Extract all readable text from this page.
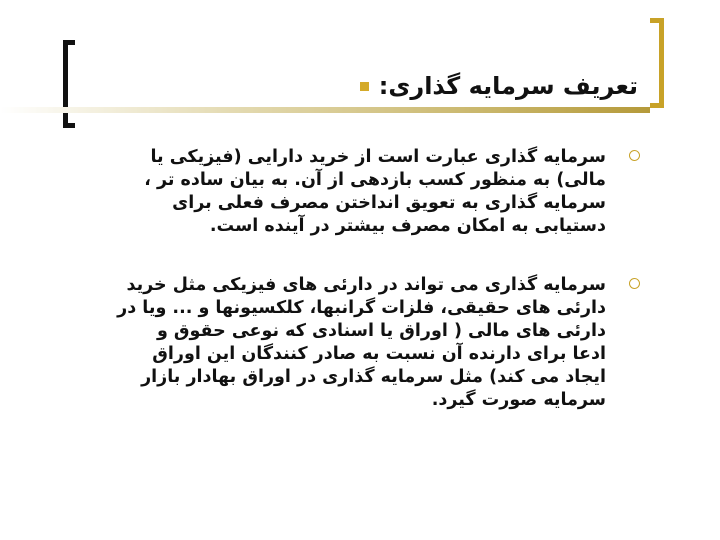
تعریف سرمایه گذاری:
سرمایه گذاری عبارت است از خرید دارایی (فیزیکی یا
مالی) به منظور کسب بازدهی از آن. به بیان ساده تر ،
سرمایه گذاری به تعویق انداختن مصرف فعلی برای
دستیابی به امکان مصرف بیشتر در آینده است.
سرمایه گذاری می تواند در دارئی های فیزیکی مثل خرید
دارئی های حقیقی، فلزات گرانبها، کلکسیونها و ... ویا در
دارئی های مالی ( اوراق یا اسنادی که نوعی حقوق و
ادعا برای دارنده آن نسبت به صادر کنندگان این اوراق
ایجاد می کند) مثل سرمایه گذاری در اوراق بهادار بازار
سرمایه صورت گیرد.
